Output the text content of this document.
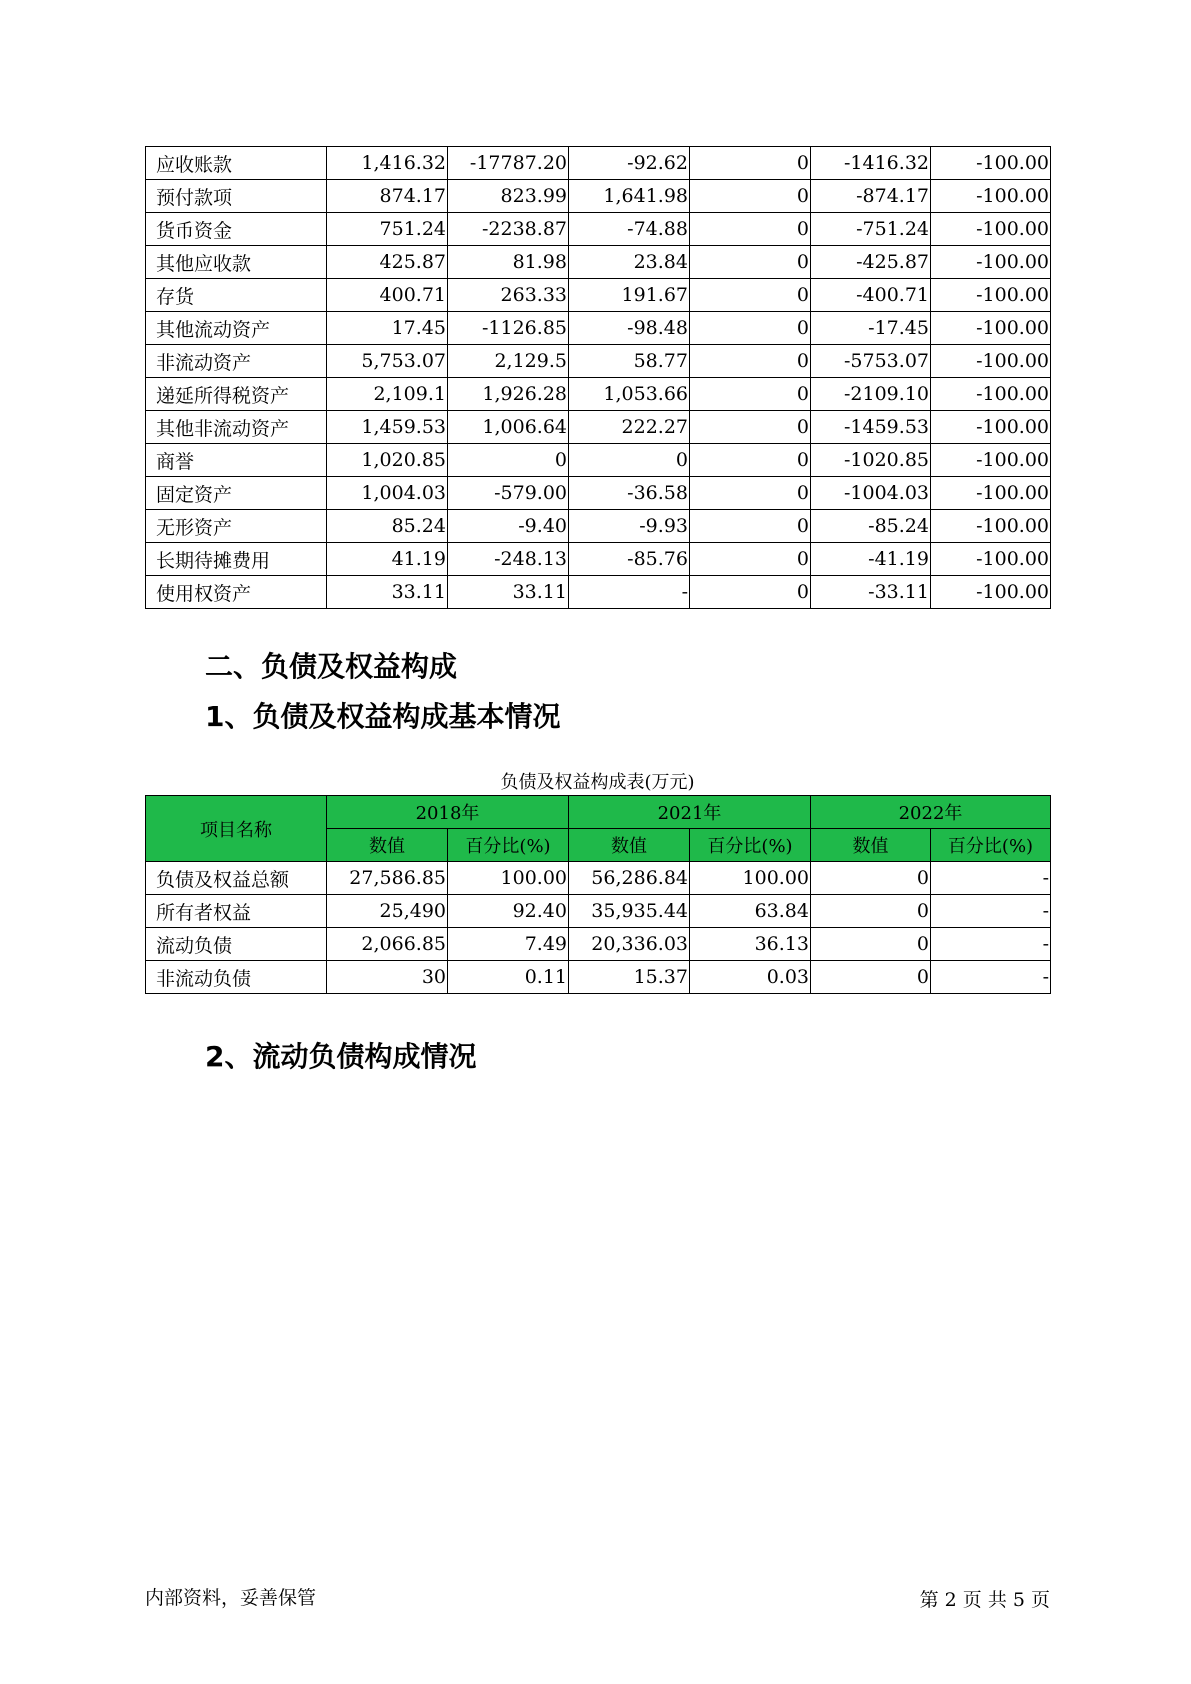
应收账款	1,416.32	-17787.20	-92.62	0	-1416.32	-100.00
预付款项	874.17	823.99	1,641.98	0	-874.17	-100.00
货币资金	751.24	-2238.87	-74.88	0	-751.24	-100.00
其他应收款	425.87	81.98	23.84	0	-425.87	-100.00
存货	400.71	263.33	191.67	0	-400.71	-100.00
其他流动资产	17.45	-1126.85	-98.48	0	-17.45	-100.00
非流动资产	5,753.07	2,129.5	58.77	0	-5753.07	-100.00
递延所得税资产	2,109.1	1,926.28	1,053.66	0	-2109.10	-100.00
其他非流动资产	1,459.53	1,006.64	222.27	0	-1459.53	-100.00
商誉	1,020.85	0	0	0	-1020.85	-100.00
固定资产	1,004.03	-579.00	-36.58	0	-1004.03	-100.00
无形资产	85.24	-9.40	-9.93	0	-85.24	-100.00
长期待摊费用	41.19	-248.13	-85.76	0	-41.19	-100.00
使用权资产	33.11	33.11	-	0	-33.11	-100.00
二、负债及权益构成
1、负债及权益构成基本情况
负债及权益构成表(万元)
项目名称	2018年		2021年		2022年	
	数值	百分比(%)	数值	百分比(%)	数值	百分比(%)
负债及权益总额	27,586.85	100.00	56,286.84	100.00	0	-
所有者权益	25,490	92.40	35,935.44	63.84	0	-
流动负债	2,066.85	7.49	20,336.03	36.13	0	-
非流动负债	30	0.11	15.37	0.03	0	-
2、流动负债构成情况
内部资料，妥善保管	第 2 页 共 5 页
